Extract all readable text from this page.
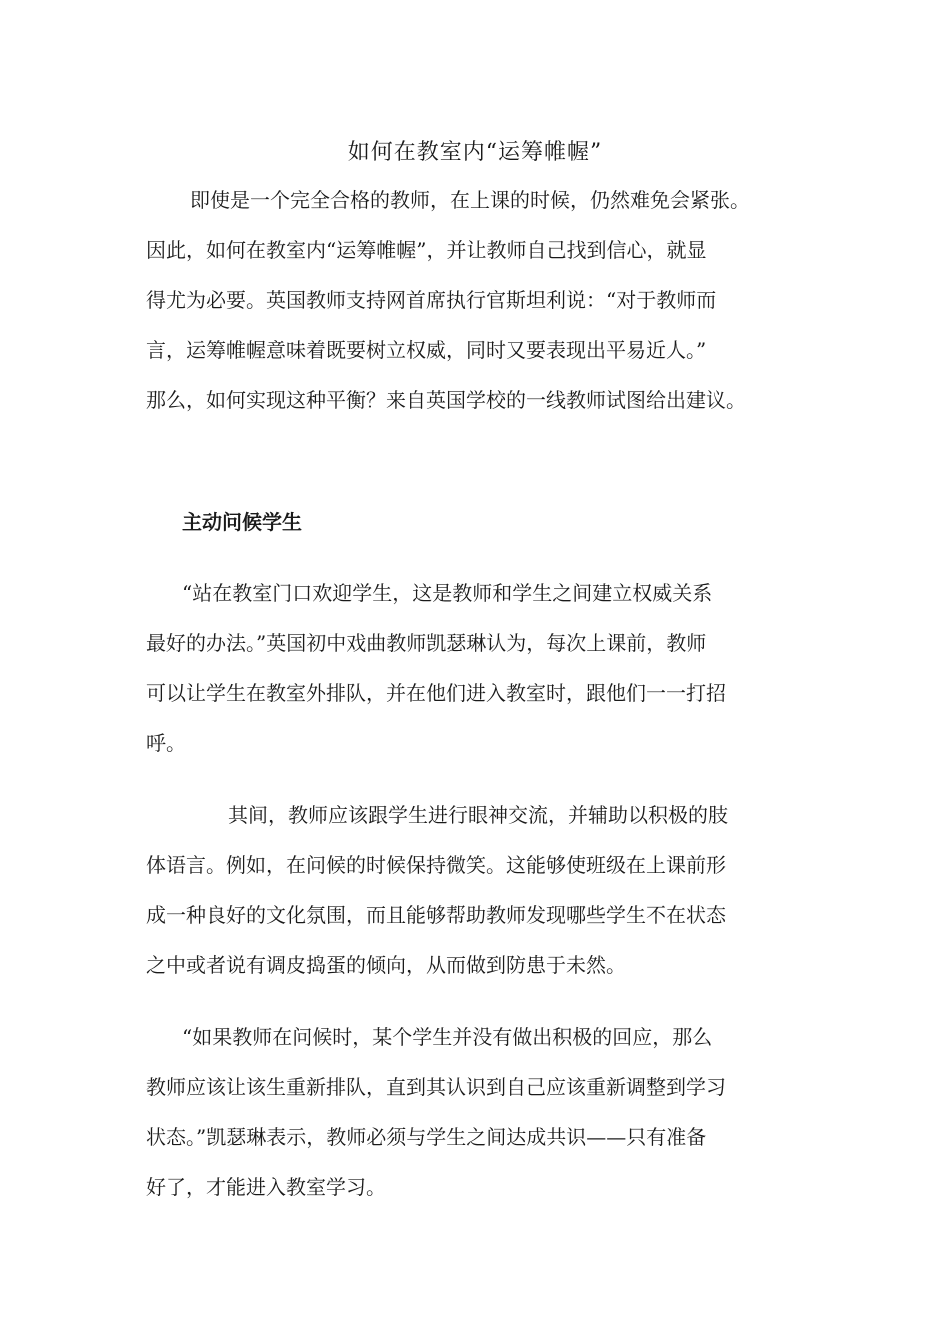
如何在教室内“运筹帷幄”
即使是一个完全合格的教师，在上课的时候，仍然难免会紧张。
因此，如何在教室内“运筹帷幄”，并让教师自己找到信心，就显
得尤为必要。英国教师支持网首席执行官斯坦利说：“对于教师而
言，运筹帷幄意味着既要树立权威，同时又要表现出平易近人。”
那么，如何实现这种平衡？来自英国学校的一线教师试图给出建议。
主动问候学生
“站在教室门口欢迎学生，这是教师和学生之间建立权威关系
最好的办法。”英国初中戏曲教师凯瑟琳认为，每次上课前，教师
可以让学生在教室外排队，并在他们进入教室时，跟他们一一打招
呼。
其间，教师应该跟学生进行眼神交流，并辅助以积极的肢
体语言。例如，在问候的时候保持微笑。这能够使班级在上课前形
成一种良好的文化氛围，而且能够帮助教师发现哪些学生不在状态
之中或者说有调皮捣蛋的倾向，从而做到防患于未然。
“如果教师在问候时，某个学生并没有做出积极的回应，那么
教师应该让该生重新排队，直到其认识到自己应该重新调整到学习
状态。”凯瑟琳表示，教师必须与学生之间达成共识——只有准备
好了，才能进入教室学习。
